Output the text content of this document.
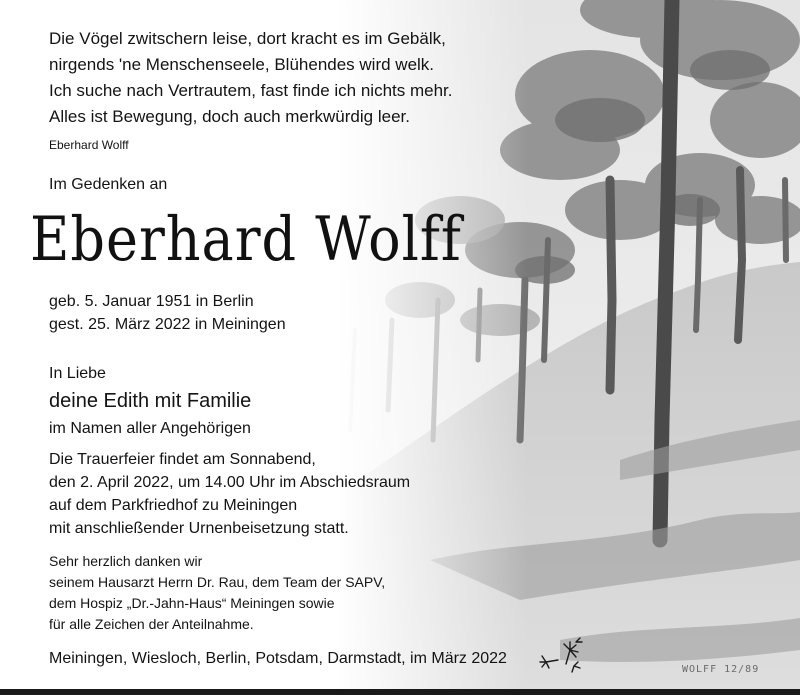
Die Vögel zwitschern leise, dort kracht es im Gebälk,

nirgends 'ne Menschenseele, Blühendes wird welk.

Ich suche nach Vertrautem, fast finde ich nichts mehr.

Alles ist Bewegung, doch auch merkwürdig leer.

Eberhard Wolff

Im Gedenken an

Eberhard Wolff

geb. 5. Januar 1951 in Berlin

gest. 25. März 2022 in Meiningen

In Liebe

deine Edith mit Familie

im Namen aller Angehörigen

Die Trauerfeier findet am Sonnabend,

den 2. April 2022, um 14.00 Uhr im Abschiedsraum

auf dem Parkfriedhof zu Meiningen

mit anschließender Urnenbeisetzung statt.

Sehr herzlich danken wir

seinem Hausarzt Herrn Dr. Rau, dem Team der SAPV,

dem Hospiz „Dr.-Jahn-Haus“ Meiningen sowie

für alle Zeichen der Anteilnahme.

Meiningen, Wiesloch, Berlin, Potsdam, Darmstadt, im März 2022

WOLFF 12/89
